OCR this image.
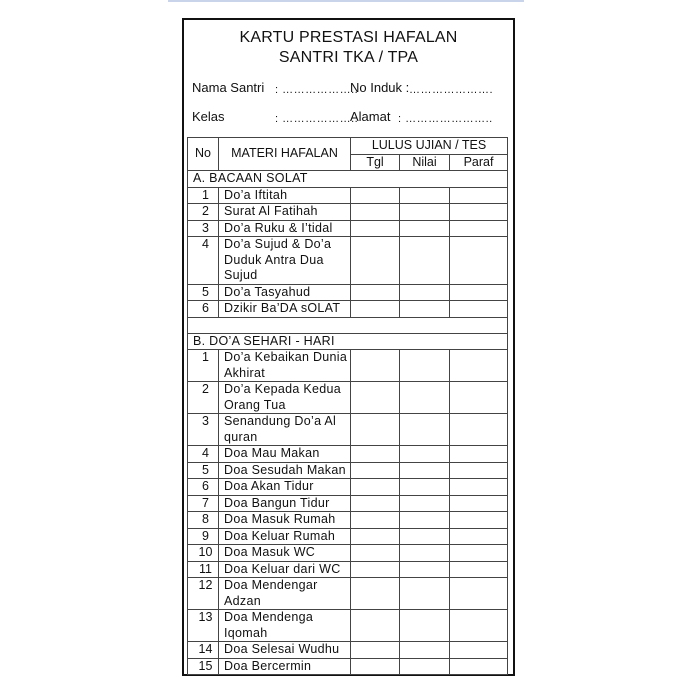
KARTU PRESTASI HAFALAN
SANTRI TKA / TPA
Nama Santri : ………………..
No Induk : ………………….
Kelas	: ………………..
Alamat : …………………..
No	MATERI HAFALAN	LULUS UJIAN / TES		
		Tgl	Nilai	Paraf
A. BACAAN SOLAT				
1	Do’a Iftitah			
2	Surat Al Fatihah			
3	Do’a Ruku & I’tidal			
4	Do’a Sujud & Do’a Duduk Antra Dua Sujud			
5	Do’a Tasyahud			
6	Dzikir Ba’DA sOLAT			

B. DO’A SEHARI - HARI				
1	Do’a Kebaikan Dunia Akhirat			
2	Do’a Kepada Kedua Orang Tua			
3	Senandung Do’a Al quran			
4	Doa Mau Makan			
5	Doa Sesudah Makan			
6	Doa Akan Tidur			
7	Doa Bangun Tidur			
8	Doa Masuk Rumah			
9	Doa Keluar Rumah			
10	Doa Masuk WC			
11	Doa Keluar dari WC			
12	Doa Mendengar Adzan			
13	Doa Mendenga Iqomah			
14	Doa Selesai Wudhu			
15	Doa Bercermin			
